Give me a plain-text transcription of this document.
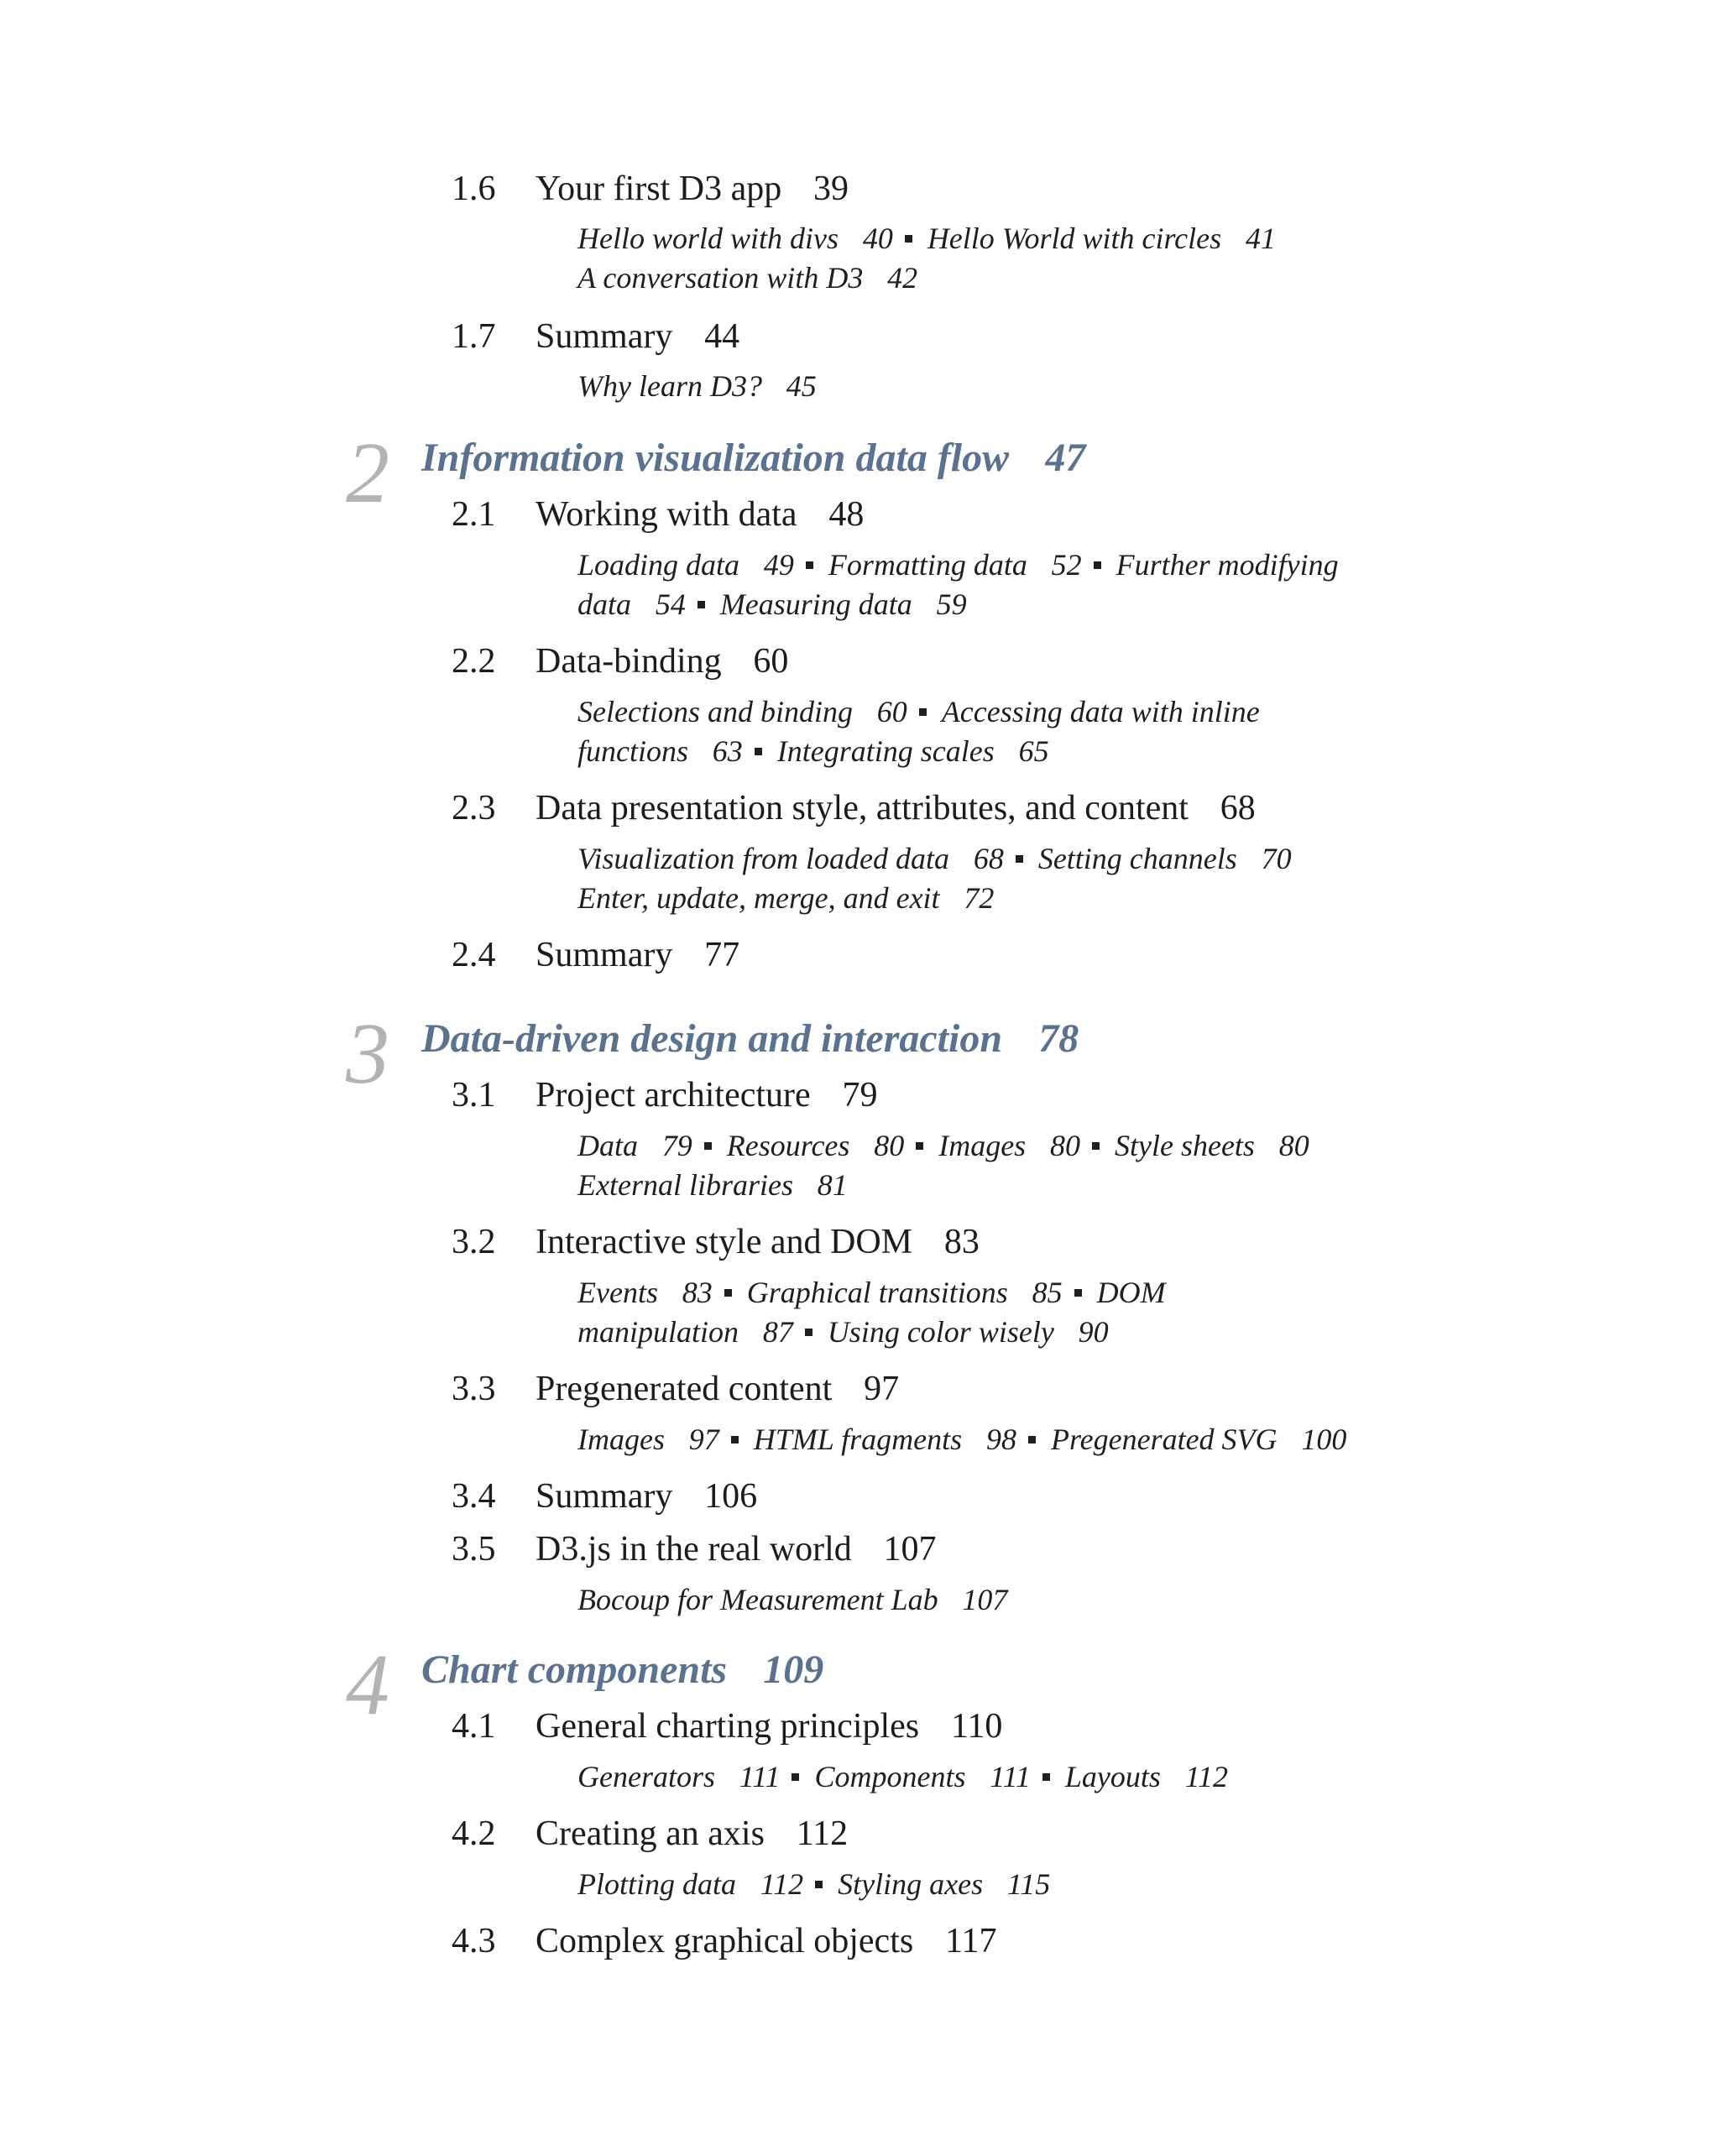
1.6 Your first D3 app 39
Hello world with divs 40 Hello World with circles 41
A conversation with D3 42
1.7 Summary 44
Why learn D3? 45
2 Information visualization data flow 47
2.1 Working with data 48
Loading data 49 Formatting data 52 Further modifying
data 54 Measuring data 59
2.2 Data-binding 60
Selections and binding 60 Accessing data with inline
functions 63 Integrating scales 65
2.3 Data presentation style, attributes, and content 68
Visualization from loaded data 68 Setting channels 70
Enter, update, merge, and exit 72
2.4 Summary 77
3 Data-driven design and interaction 78
3.1 Project architecture 79
Data 79 Resources 80 Images 80 Style sheets 80
External libraries 81
3.2 Interactive style and DOM 83
Events 83 Graphical transitions 85 DOM
manipulation 87 Using color wisely 90
3.3 Pregenerated content 97
Images 97 HTML fragments 98 Pregenerated SVG 100
3.4 Summary 106
3.5 D3.js in the real world 107
Bocoup for Measurement Lab 107
4 Chart components 109
4.1 General charting principles 110
Generators 111 Components 111 Layouts 112
4.2 Creating an axis 112
Plotting data 112 Styling axes 115
4.3 Complex graphical objects 117
